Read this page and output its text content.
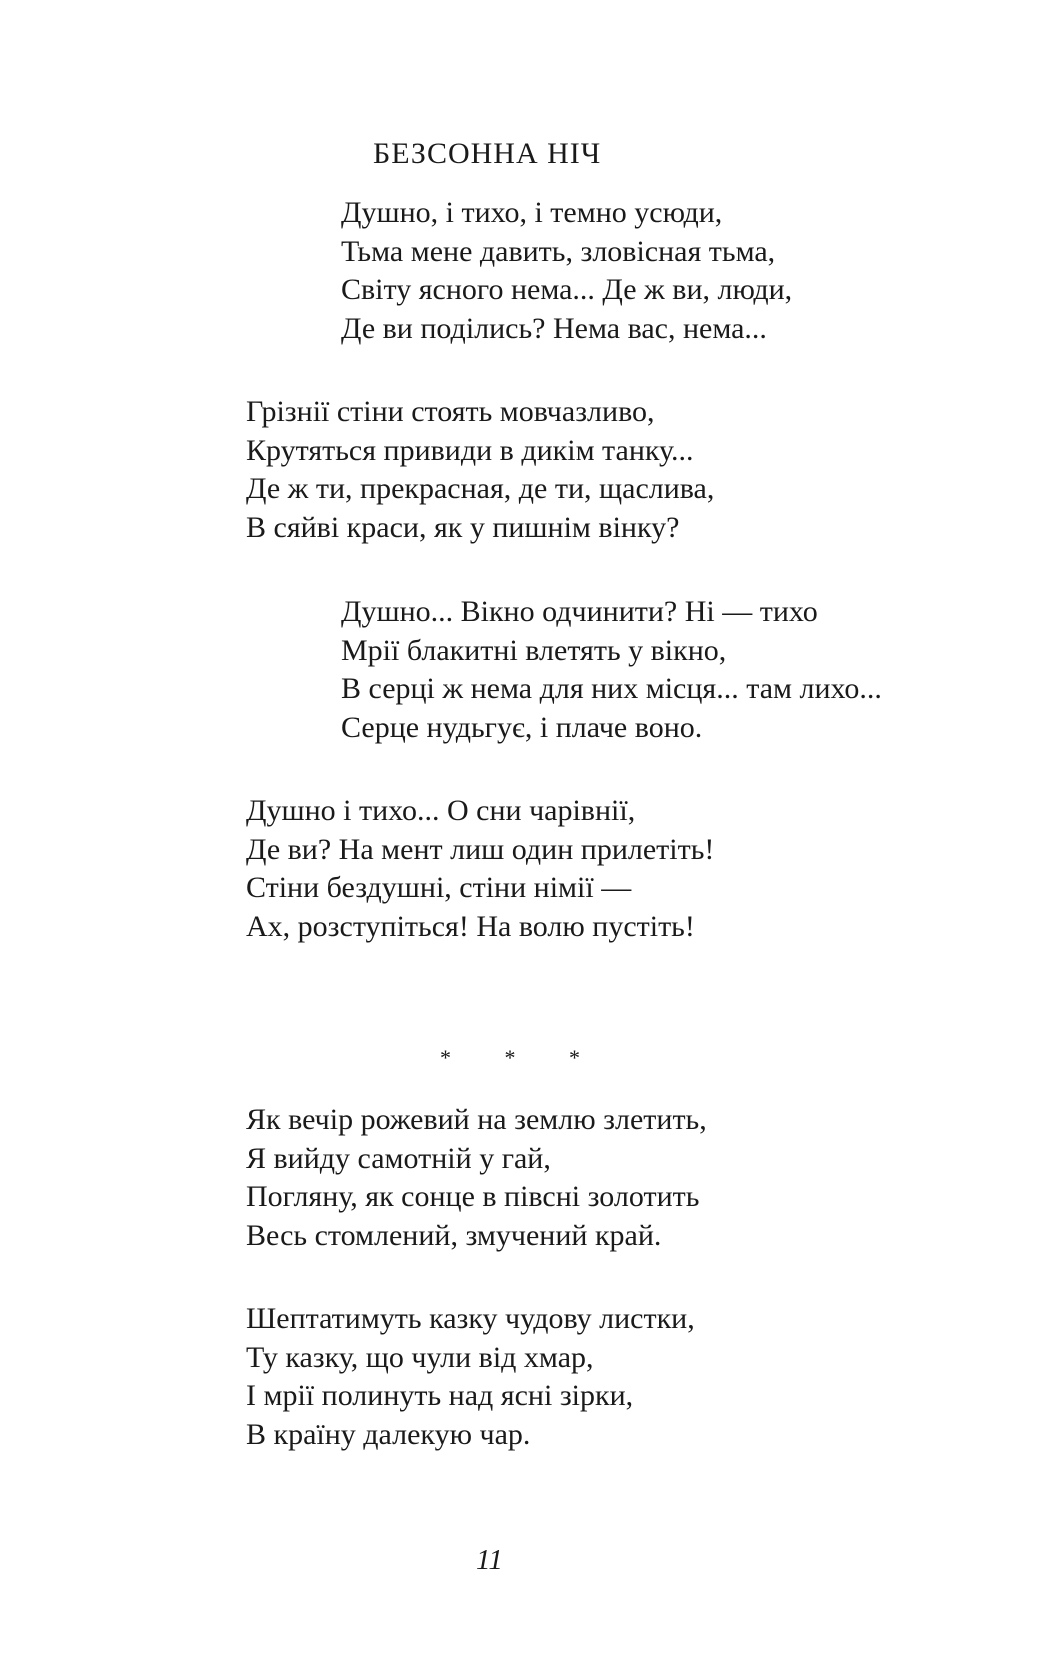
БЕЗСОННА НІЧ
Душно, і тихо, і темно усюди,
Тьма мене давить, зловісная тьма,
Світу ясного нема... Де ж ви, люди,
Де ви поділись? Нема вас, нема...
Грізнії стіни стоять мовчазливо,
Крутяться привиди в дикім танку...
Де ж ти, прекрасная, де ти, щаслива,
В сяйві краси, як у пишнім вінку?
Душно... Вікно одчинити? Ні — тихо
Мрії блакитні влетять у вікно,
В серці ж нема для них місця... там лихо...
Серце нудьгує, і плаче воно.
Душно і тихо... О сни чарівнії,
Де ви? На мент лиш один прилетіть!
Стіни бездушні, стіни німії —
Ах, розступіться! На волю пустіть!
* * *
Як вечір рожевий на землю злетить,
Я вийду самотній у гай,
Погляну, як сонце в півсні золотить
Весь стомлений, змучений край.
Шептатимуть казку чудову листки,
Ту казку, що чули від хмар,
І мрії полинуть над ясні зірки,
В країну далекую чар.
11
